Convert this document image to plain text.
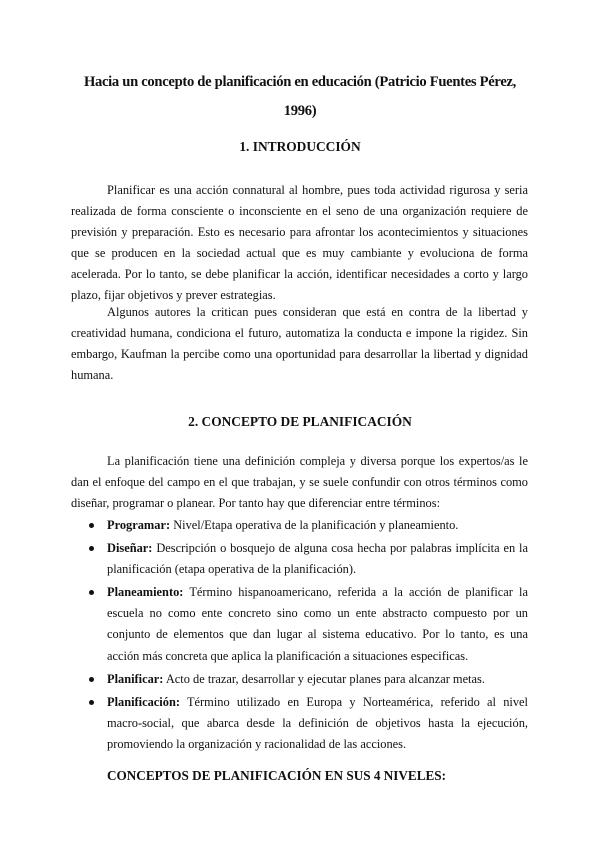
Hacia un concepto de planificación en educación (Patricio Fuentes Pérez, 1996)
1. INTRODUCCIÓN

Planificar es una acción connatural al hombre, pues toda actividad rigurosa y seria realizada de forma consciente o inconsciente en el seno de una organización requiere de previsión y preparación. Esto es necesario para afrontar los acontecimientos y situaciones que se producen en la sociedad actual que es muy cambiante y evoluciona de forma acelerada. Por lo tanto, se debe planificar la acción, identificar necesidades a corto y largo plazo, fijar objetivos y prever estrategias.

Algunos autores la critican pues consideran que está en contra de la libertad y creatividad humana, condiciona el futuro, automatiza la conducta e impone la rigidez. Sin embargo, Kaufman la percibe como una oportunidad para desarrollar la libertad y dignidad humana.

2. CONCEPTO DE PLANIFICACIÓN

La planificación tiene una definición compleja y diversa porque los expertos/as le dan el enfoque del campo en el que trabajan, y se suele confundir con otros términos como diseñar, programar o planear. Por tanto hay que diferenciar entre términos:

Programar: Nivel/Etapa operativa de la planificación y planeamiento.
Diseñar: Descripción o bosquejo de alguna cosa hecha por palabras implícita en la planificación (etapa operativa de la planificación).
Planeamiento: Término hispanoamericano, referida a la acción de planificar la escuela no como ente concreto sino como un ente abstracto compuesto por un conjunto de elementos que dan lugar al sistema educativo. Por lo tanto, es una acción más concreta que aplica la planificación a situaciones especificas.
Planificar: Acto de trazar, desarrollar y ejecutar planes para alcanzar metas.
Planificación: Término utilizado en Europa y Norteamérica, referido al nivel macro-social, que abarca desde la definición de objetivos hasta la ejecución, promoviendo la organización y racionalidad de las acciones.
CONCEPTOS DE PLANIFICACIÓN EN SUS 4 NIVELES:
